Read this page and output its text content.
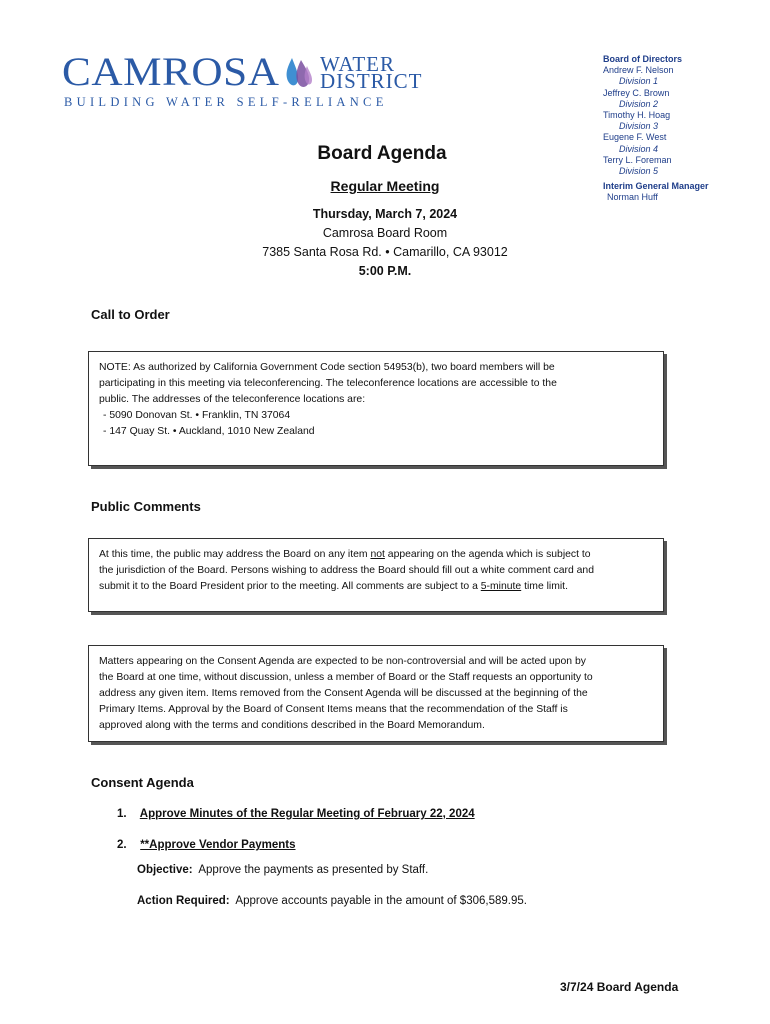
CAMROSA WATER
DISTRICT
BUILDING WATER SELF-RELIANCE
Board of Directors
Andrew F. Nelson
Division 1
Jeffrey C. Brown
Division 2
Timothy H. Hoag
Division 3
Eugene F. West
Division 4
Terry L. Foreman
Division 5
Interim General Manager
Norman Huff
Board Agenda
Regular Meeting
Thursday, March 7, 2024
Camrosa Board Room
7385 Santa Rosa Rd. • Camarillo, CA 93012
5:00 P.M.
Call to Order
NOTE: As authorized by California Government Code section 54953(b), two board members will be
participating in this meeting via teleconferencing. The teleconference locations are accessible to the
public. The addresses of the teleconference locations are:
- 5090 Donovan St. • Franklin, TN 37064
- 147 Quay St. • Auckland, 1010 New Zealand
Public Comments
At this time, the public may address the Board on any item not appearing on the agenda which is subject to
the jurisdiction of the Board. Persons wishing to address the Board should fill out a white comment card and
submit it to the Board President prior to the meeting. All comments are subject to a 5-minute time limit.
Matters appearing on the Consent Agenda are expected to be non-controversial and will be acted upon by
the Board at one time, without discussion, unless a member of Board or the Staff requests an opportunity to
address any given item. Items removed from the Consent Agenda will be discussed at the beginning of the
Primary Items. Approval by the Board of Consent Items means that the recommendation of the Staff is
approved along with the terms and conditions described in the Board Memorandum.
Consent Agenda
1. Approve Minutes of the Regular Meeting of February 22, 2024
2. **Approve Vendor Payments
Objective:  Approve the payments as presented by Staff.
Action Required:  Approve accounts payable in the amount of $306,589.95.
3/7/24 Board Agenda
